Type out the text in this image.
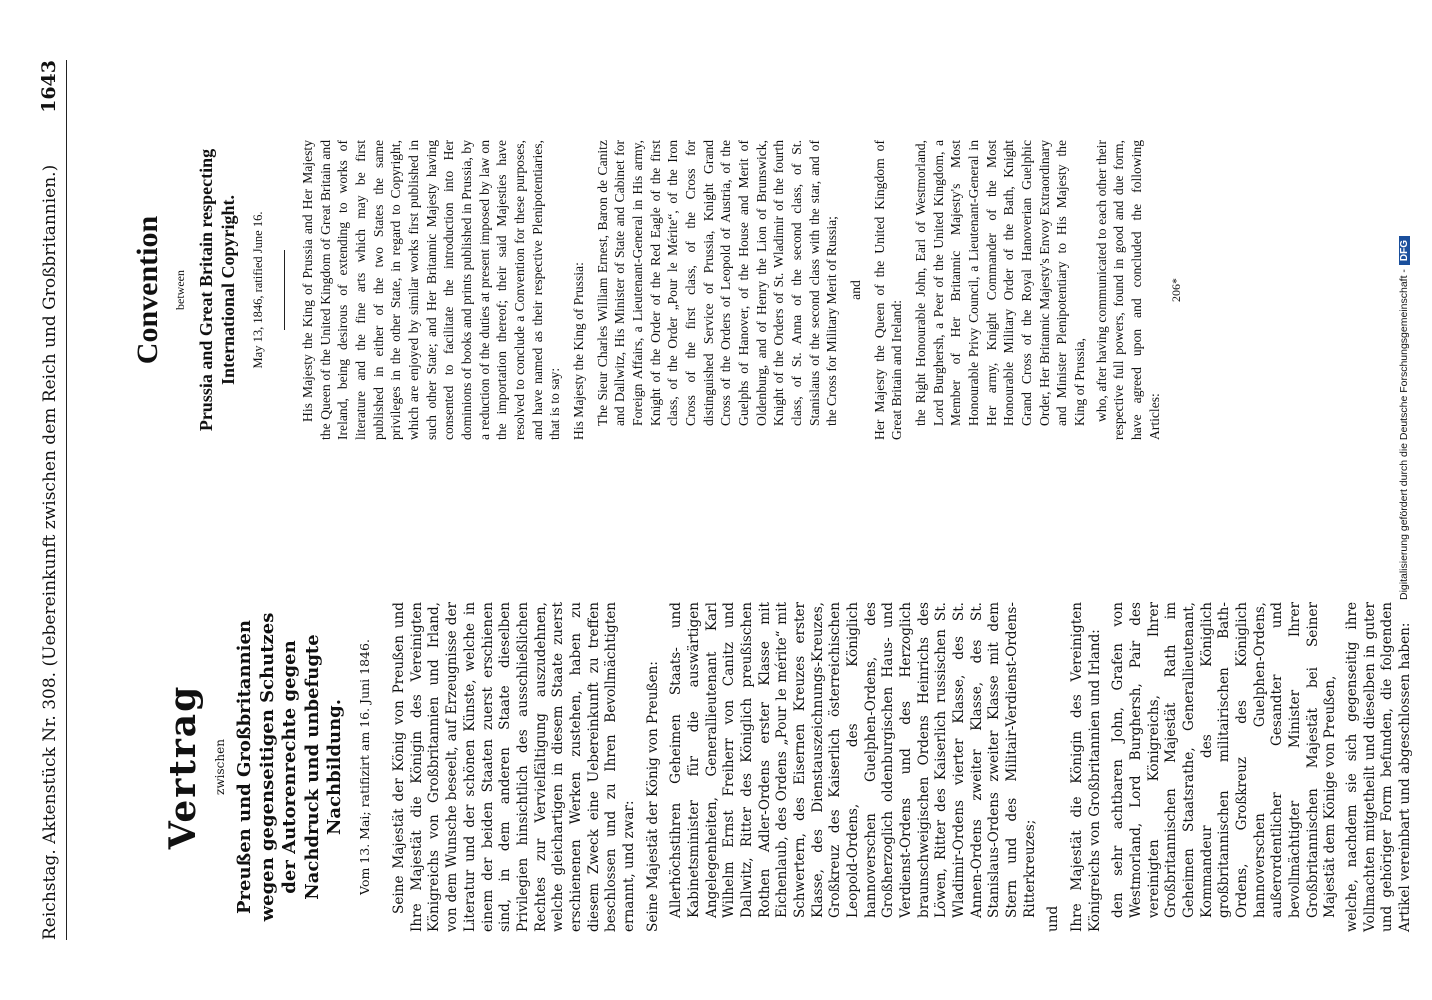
Reichstag. Aktenstück Nr. 308. (Uebereinkunft zwischen dem Reich und Großbritannien.)
1643
Vertrag zwischen Preußen und Großbritannien wegen gegenseitigen Schutzes der Autorenrechte gegen Nachdruck und unbefugte Nachbildung. Vom 13. Mai; ratifizirt am 16. Juni 1846. Seine Majestät der König von Preußen und Ihre Majestät die Königin des Vereinigten Königreichs von Großbritannien und Irland, von dem Wunsche beseelt, auf Erzeugnisse der Literatur und der schönen Künste, welche in einem der beiden Staaten zuerst erschienen sind, in dem anderen Staate dieselben Privilegien hinsichtlich des ausschließlichen Rechtes zur Vervielfältigung auszudehnen, welche gleichartigen in diesem Staate zuerst erschienenen Werken zustehen, haben zu diesem Zweck eine Uebereinkunft zu treffen beschlossen und zu Ihren Bevollmächtigten ernannt, und zwar: Seine Majestät der König von Preußen: Allerhöchstihren Geheimen Staats- und Kabinetsminister für die auswärtigen Angelegenheiten, Generallieutenant Karl Wilhelm Ernst Freiherr von Canitz und Dallwitz, Ritter des Königlich preußischen Rothen Adler-Ordens erster Klasse mit Eichenlaub, des Ordens „Pour le mérite“ mit Schwertern, des Eisernen Kreuzes erster Klasse, des Dienstauszeichnungs-Kreuzes, Großkreuz des Kaiserlich österreichischen Leopold-Ordens, des Königlich hannoverschen Guelphen-Ordens, des Großherzoglich oldenburgischen Haus- und Verdienst-Ordens und des Herzoglich braunschweigischen Ordens Heinrichs des Löwen, Ritter des Kaiserlich russischen St. Wladimir-Ordens vierter Klasse, des St. Annen-Ordens zweiter Klasse, des St. Stanislaus-Ordens zweiter Klasse mit dem Stern und des Militair-Verdienst-Ordens-Ritterkreuzes;

und Ihre Majestät die Königin des Vereinigten Königreichs von Großbritannien und Irland: den sehr achtbaren John, Grafen von Westmorland, Lord Burghersh, Pair des vereinigten Königreichs, Ihrer Großbritannischen Majestät Rath im Geheimen Staatsrathe, Generallieutenant, Kommandeur des Königlich großbritannischen militairischen Bath-Ordens, Großkreuz des Königlich hannoverschen Guelphen-Ordens, außerordentlicher Gesandter und bevollmächtigter Minister Ihrer Großbritannischen Majestät bei Seiner Majestät dem Könige von Preußen, welche, nachdem sie sich gegenseitig ihre Vollmachten mitgetheilt und dieselben in guter und gehöriger Form befunden, die folgenden Artikel vereinbart und abgeschlossen haben:

Convention between Prussia and Great Britain respecting International Copyright. May 13, 1846, ratified June 16.	His Majesty the King of Prussia and Her Majesty the Queen of the United Kingdom of Great Britain and Ireland, being desirous of extending to works of literature and the fine arts which may be first published in either of the two States the same privileges in the other State, in regard to Copyright, which are enjoyed by similar works first published in such other State; and Her Britannic Majesty having consented to facilitate the introduction into Her dominions of books and prints published in Prussia, by a reduction of the duties at present imposed by law on the importation thereof; their said Majesties have resolved to conclude a Convention for these purposes, and have named as their respective Plenipotentiaries, that is to say: His Majesty the King of Prussia: The Sieur Charles William Ernest, Baron de Canitz and Dallwitz, His Minister of State and Cabinet for Foreign Affairs, a Lieutenant-General in His army, Knight of the Order of the Red Eagle of the first class, of the Order „Pour le Mérite“, of the Iron Cross of the first class, of the Cross for distinguished Service of Prussia, Knight Grand Cross of the Orders of Leopold of Austria, of the Guelphs of Hanover, of the House and Merit of Oldenburg, and of Henry the Lion of Brunswick, Knight of the Orders of St. Wladimir of the fourth class, of St. Anna of the second class, of St. Stanislaus of the second class with the star, and of the Cross for Military Merit of Russia; and Her Majesty the Queen of the United Kingdom of Great Britain and Ireland: the Right Honourable John, Earl of Westmorland, Lord Burghersh, a Peer of the United Kingdom, a Member of Her Britannic Majesty's Most Honourable Privy Council, a Lieutenant-General in Her army, Knight Commander of the Most Honourable Military Order of the Bath, Knight Grand Cross of the Royal Hanoverian Guelphic Order, Her Britannic Majesty's Envoy Extraordinary and Minister Plenipotentiary to His Majesty the King of Prussia, who, after having communicated to each other their respective full powers, found in good and due form, have agreed upon and concluded the following Articles:

206*	Digitalisierung gefördert durch die Deutsche Forschungsgemeinschaft -DFG
